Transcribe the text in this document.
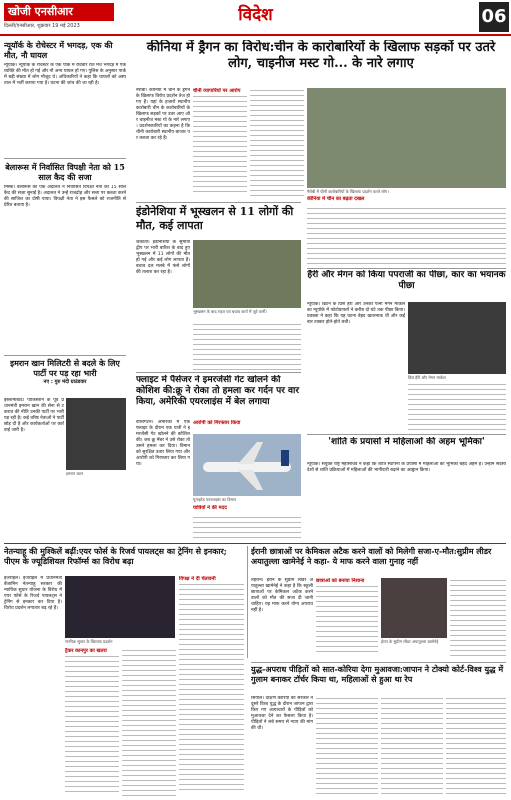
खोजी एनसीआर
दिल्ली/एनसीआर, शुक्रवार 19 मई 2023
विदेश	06
न्यूयॉर्क के रोचेस्टर में भगदड़, एक की मौत, नौ घायल
न्यूयॉर्क। न्यूयॉर्क के रोचेस्टर के एक पार्क में रविवार रात मचे भगदड़ में एक व्यक्ति की मौत हो गई और नौ अन्य घायल हो गए। पुलिस के अनुसार पार्क में बड़ी संख्या में लोग मौजूद थे। अधिकारियों ने कहा कि घायलों को अस्पताल में भर्ती कराया गया है। घटना की जांच की जा रही है।
बेलारूस में निर्वासित विपक्षी नेता को 15 साल कैद की सजा
मिंस्क। बेलारूस की एक अदालत ने निर्वासित विपक्षी नेता को 15 साल कैद की सजा सुनाई है। अदालत ने उन्हें राजद्रोह और सत्ता पर कब्जा करने की साजिश का दोषी पाया। विपक्षी नेता ने इस फैसले को राजनीति से प्रेरित बताया है।
इमरान खान मिलिटरी से बदले के लिए पार्टी पर पड़ रहा भारी
नए : गुरु मंदी ग्राउंडवार
इस्लामाबाद। पाकिस्तान के पूर्व प्रधानमंत्री इमरान खान की सेना से टकराव की नीति उनकी पार्टी पर भारी पड़ रही है। कई वरिष्ठ नेताओं ने पार्टी छोड़ दी है और कार्यकर्ताओं पर कार्रवाई जारी है।
इमरान खान
कीनिया में ड्रैगन का विरोध:चीन के कारोबारियों के खिलाफ सड़कों पर उतरे लोग, चाइनीज मस्ट गो... के नारे लगाए
नैरोबी। कीनिया में चीन के ड्रैगन के खिलाफ विरोध प्रदर्शन तेज हो गए हैं। यहां के हजारों स्थानीय कारोबारी चीन के कारोबारियों के खिलाफ सड़कों पर उतर आए और चाइनीज मस्ट गो के नारे लगाए। प्रदर्शनकारियों का कहना है कि चीनी कारोबारी स्थानीय बाजार पर कब्जा कर रहे हैं।
चीनी व्यापारियों पर आरोप
नैरोबी में चीनी कारोबारियों के खिलाफ प्रदर्शन करते लोग।
कीनिया में चीन का बढ़ता दखल
इंडोनेशिया में भूस्खलन से 11 लोगों की मौत, कई लापता
जकार्ता। इंडोनेशिया के सुमात्रा द्वीप पर भारी बारिश के बाद हुए भूस्खलन में 11 लोगों की मौत हो गई और कई लोग लापता हैं। बचाव दल मलबे में फंसे लोगों की तलाश कर रहा है।
भूस्खलन के बाद राहत एवं बचाव कार्य में जुटे कर्मी।
हैरी और मेगन को किया पपराजी का पीछा, कार का भयानक पीछा
न्यूयॉर्क। ब्रिटेन के प्रिंस हैरी और उनकी पत्नी मेगन मार्कल का न्यूयॉर्क में फोटोग्राफरों ने करीब दो घंटे तक पीछा किया। प्रवक्ता ने कहा कि यह घटना बेहद खतरनाक थी और कई बार टक्कर होते-होते बची।
प्रिंस हैरी और मेगन मार्कल
फ्लाइट में पैसेंजर ने इमरजेंसी गेट खोलने की कोशिश की:क्रू ने रोका तो हमला कर गर्दन पर वार किया, अमेरिकी एयरलाइंस में बेल लगाया
वाशिंगटन। अमेरिका में एक फ्लाइट के दौरान एक यात्री ने इमरजेंसी गेट खोलने की कोशिश की। जब क्रू मेंबर ने उसे रोका तो उसने हमला कर दिया। विमान को सुरक्षित उतार लिया गया और आरोपी को गिरफ्तार कर लिया गया।
आरोपी को गिरफ्तार किया
यूनाइटेड एयरलाइंस का विमान
यात्रियों ने की मदद
'शांति के प्रयासों में महिलाओं की अहम भूमिका'
न्यूयॉर्क। संयुक्त राष्ट्र महासचिव ने कहा कि शांति स्थापना के प्रयासों में महिलाओं की भूमिका बेहद अहम है। उन्होंने सदस्य देशों से शांति प्रक्रियाओं में महिलाओं की भागीदारी बढ़ाने का आह्वान किया।
नेतन्याहू की मुश्किलें बढ़ीं:एयर फोर्स के रिजर्व पायलट्स का ट्रेनिंग से इनकार; पीएम के ज्यूडिशियल रिफॉर्म्स का विरोध बढ़ा
इजराइल। इजराइल में प्रधानमंत्री बेंजामिन नेतन्याहू सरकार की न्यायिक सुधार योजना के विरोध में एयर फोर्स के रिजर्व पायलट्स ने ट्रेनिंग से इनकार कर दिया है। विरोध प्रदर्शन लगातार बढ़ रहे हैं।
न्यायिक सुधार के खिलाफ प्रदर्शन
ट्रैकर कानपुर का खतरा
विपक्ष ने दी चेतावनी
ईरानी छात्राओं पर केमिकल अटैक करने वालों को मिलेगी सजा-ए-मौत:सुप्रीम लीडर अयातुल्ला खामेनेई ने कहा- ये माफ करने वाला गुनाह नहीं
तेहरान। ईरान के सुप्रीम लीडर अयातुल्ला खामेनेई ने कहा है कि स्कूली छात्राओं पर केमिकल अटैक करने वालों को मौत की सजा दी जानी चाहिए। यह माफ करने योग्य अपराध नहीं है।
छात्राओं को बनाया निशाना
ईरान के सुप्रीम लीडर अयातुल्ला खामेनेई
युद्ध-अपराध पीड़ितों को सात-कोरिया देगा मुआवजा:जापान ने टोक्यो कोर्ट-विश्व युद्ध में गुलाम बनाकर टॉर्चर किया था, महिलाओं से हुआ था रेप
सियोल। दक्षिण कोरिया की सरकार ने दूसरे विश्व युद्ध के दौरान जापान द्वारा किए गए अत्याचारों के पीड़ितों को मुआवजा देने का फैसला किया है। पीड़ितों ने लंबे समय से न्याय की मांग की थी।
